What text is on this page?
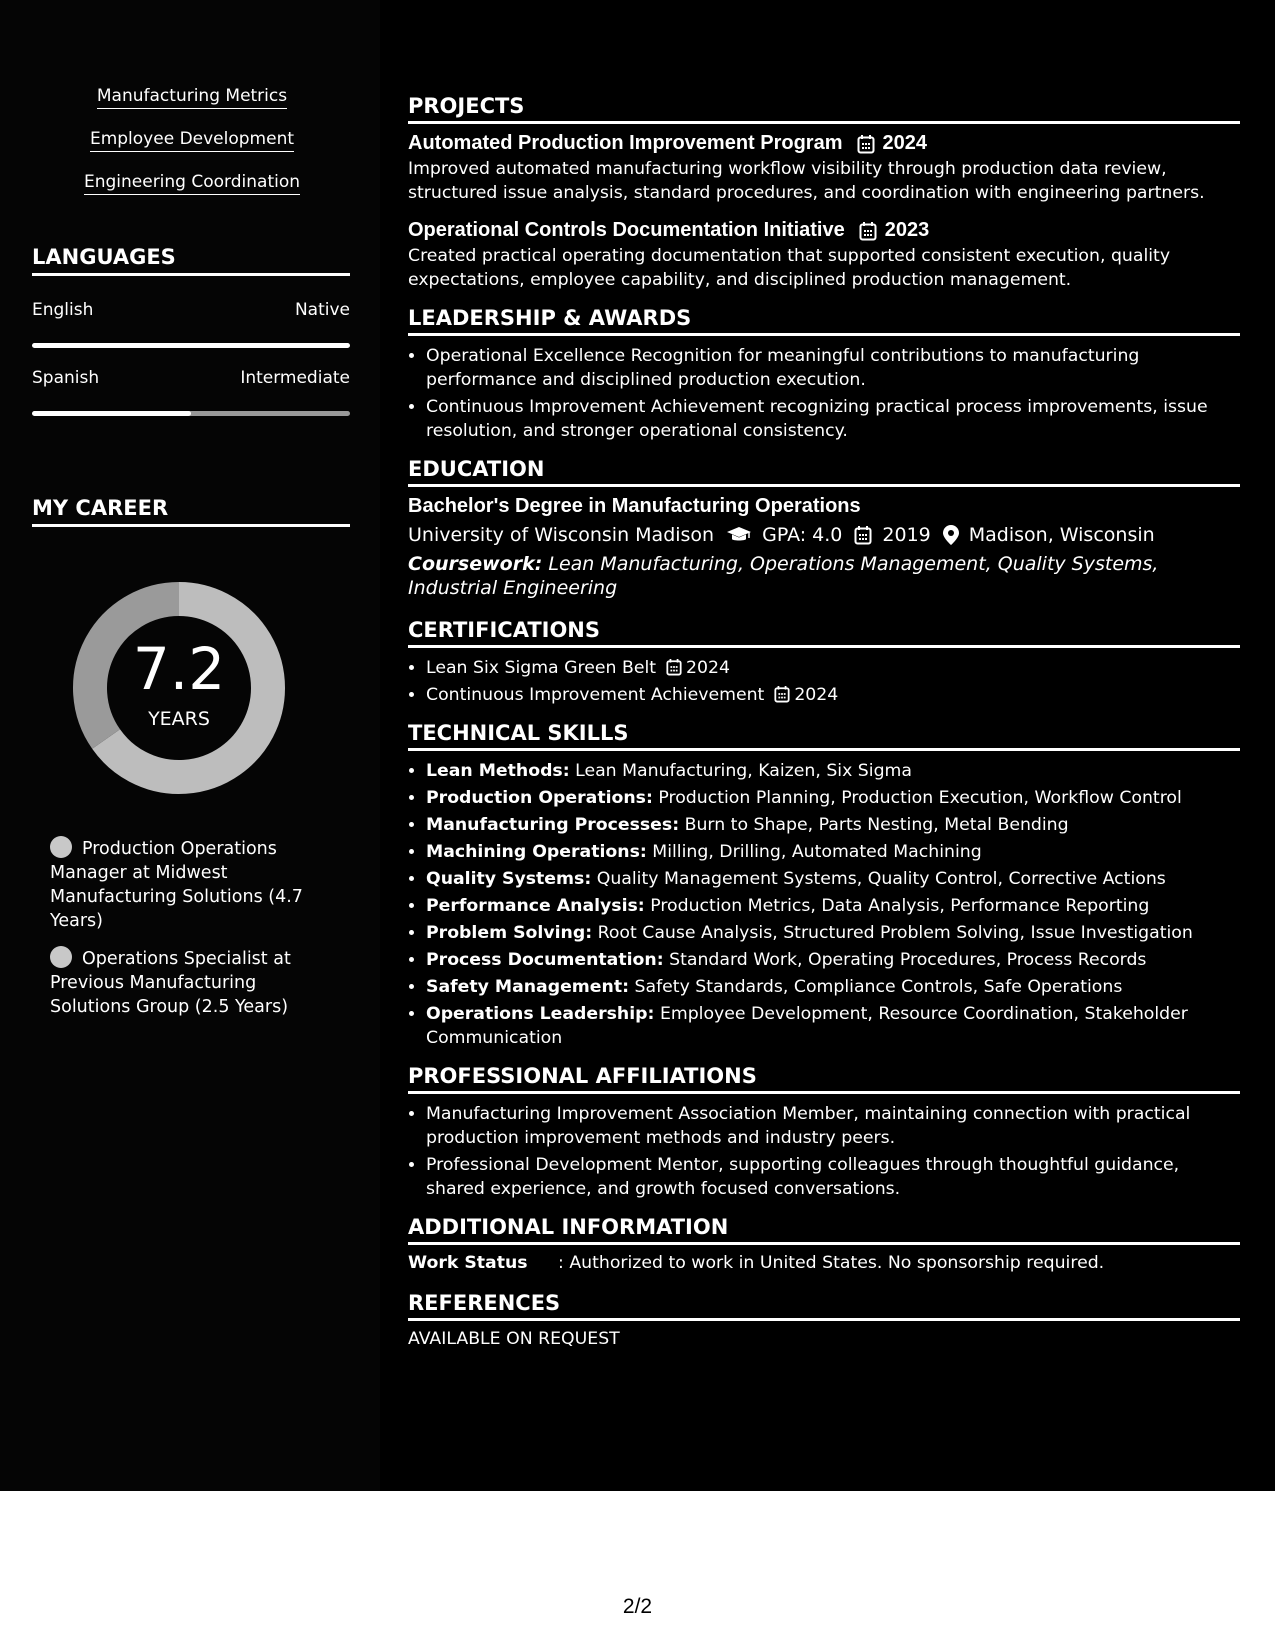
Manufacturing Metrics
Employee Development
Engineering Coordination
LANGUAGES
English	Native
Spanish	Intermediate
MY CAREER
7.2
YEARS
Production Operations Manager at Midwest Manufacturing Solutions (4.7 Years)
Operations Specialist at Previous Manufacturing Solutions Group (2.5 Years)
PROJECTS
Automated Production Improvement Program 2024
Improved automated manufacturing workflow visibility through production data review, structured issue analysis, standard procedures, and coordination with engineering partners.
Operational Controls Documentation Initiative 2023
Created practical operating documentation that supported consistent execution, quality expectations, employee capability, and disciplined production management.
LEADERSHIP & AWARDS
• Operational Excellence Recognition for meaningful contributions to manufacturing performance and disciplined production execution.
• Continuous Improvement Achievement recognizing practical process improvements, issue resolution, and stronger operational consistency.
EDUCATION
Bachelor's Degree in Manufacturing Operations
University of Wisconsin Madison	GPA: 4.0 2019 Madison, Wisconsin
Coursework: Lean Manufacturing, Operations Management, Quality Systems, Industrial Engineering
CERTIFICATIONS
• Lean Six Sigma Green Belt 2024
• Continuous Improvement Achievement 2024
TECHNICAL SKILLS
• Lean Methods: Lean Manufacturing, Kaizen, Six Sigma
• Production Operations: Production Planning, Production Execution, Workflow Control
• Manufacturing Processes: Burn to Shape, Parts Nesting, Metal Bending
• Machining Operations: Milling, Drilling, Automated Machining
• Quality Systems: Quality Management Systems, Quality Control, Corrective Actions
• Performance Analysis: Production Metrics, Data Analysis, Performance Reporting
• Problem Solving: Root Cause Analysis, Structured Problem Solving, Issue Investigation
• Process Documentation: Standard Work, Operating Procedures, Process Records
• Safety Management: Safety Standards, Compliance Controls, Safe Operations
• Operations Leadership: Employee Development, Resource Coordination, Stakeholder Communication
PROFESSIONAL AFFILIATIONS
• Manufacturing Improvement Association Member, maintaining connection with practical production improvement methods and industry peers.
• Professional Development Mentor, supporting colleagues through thoughtful guidance, shared experience, and growth focused conversations.
ADDITIONAL INFORMATION
Work Status	: Authorized to work in United States. No sponsorship required.
REFERENCES
AVAILABLE ON REQUEST
2/2
